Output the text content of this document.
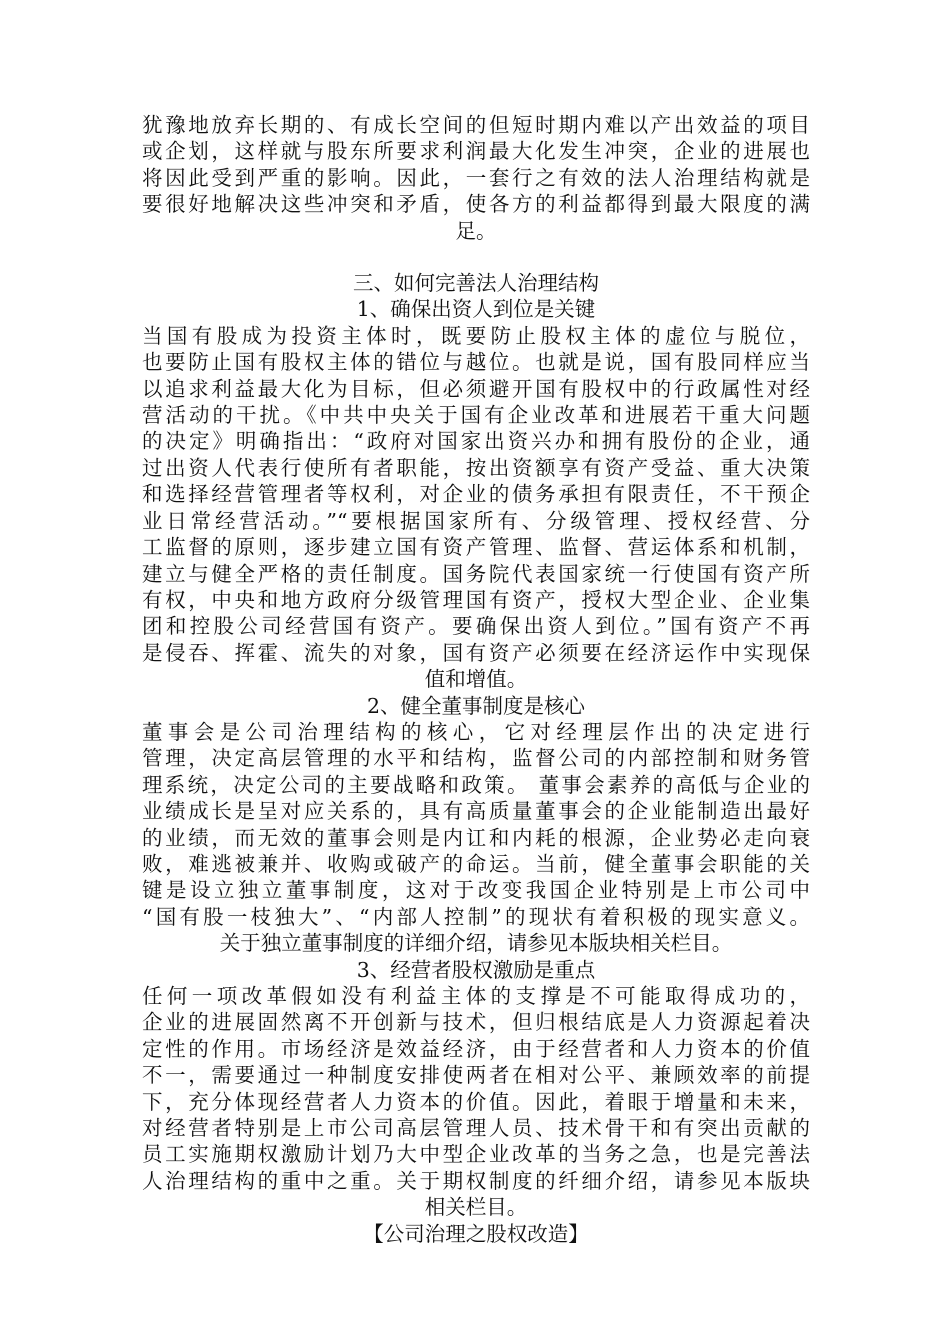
犹豫地放弃长期的、有成长空间的但短时期内难以产出效益的项目
或企划，这样就与股东所要求利润最大化发生冲突，企业的进展也
将因此受到严重的影响。因此，一套行之有效的法人治理结构就是
要很好地解决这些冲突和矛盾，使各方的利益都得到最大限度的满
足。
三、如何完善法人治理结构
1、确保出资人到位是关键
当国有股成为投资主体时，既要防止股权主体的虚位与脱位，
也要防止国有股权主体的错位与越位。也就是说，国有股同样应当
以追求利益最大化为目标，但必须避开国有股权中的行政属性对经
营活动的干扰。《中共中央关于国有企业改革和进展若干重大问题
的决定》明确指出：“政府对国家出资兴办和拥有股份的企业，通
过出资人代表行使所有者职能，按出资额享有资产受益、重大决策
和选择经营管理者等权利，对企业的债务承担有限责任，不干预企
业日常经营活动。”“要根据国家所有、分级管理、授权经营、分
工监督的原则，逐步建立国有资产管理、监督、营运体系和机制，
建立与健全严格的责任制度。国务院代表国家统一行使国有资产所
有权，中央和地方政府分级管理国有资产，授权大型企业、企业集
团和控股公司经营国有资产。要确保出资人到位。”国有资产不再
是侵吞、挥霍、流失的对象，国有资产必须要在经济运作中实现保
值和增值。
2、健全董事制度是核心
董事会是公司治理结构的核心，它对经理层作出的决定进行
管理，决定高层管理的水平和结构，监督公司的内部控制和财务管
理系统，决定公司的主要战略和政策。 董事会素养的高低与企业的
业绩成长是呈对应关系的，具有高质量董事会的企业能制造出最好
的业绩，而无效的董事会则是内讧和内耗的根源，企业势必走向衰
败，难逃被兼并、收购或破产的命运。当前，健全董事会职能的关
键是设立独立董事制度，这对于改变我国企业特别是上市公司中
“国有股一枝独大”、“内部人控制”的现状有着积极的现实意义。
关于独立董事制度的详细介绍，请参见本版块相关栏目。
3、经营者股权激励是重点
任何一项改革假如没有利益主体的支撑是不可能取得成功的，
企业的进展固然离不开创新与技术，但归根结底是人力资源起着决
定性的作用。市场经济是效益经济，由于经营者和人力资本的价值
不一，需要通过一种制度安排使两者在相对公平、兼顾效率的前提
下，充分体现经营者人力资本的价值。因此，着眼于增量和未来，
对经营者特别是上市公司高层管理人员、技术骨干和有突出贡献的
员工实施期权激励计划乃大中型企业改革的当务之急，也是完善法
人治理结构的重中之重。关于期权制度的纤细介绍，请参见本版块
相关栏目。
【公司治理之股权改造】
